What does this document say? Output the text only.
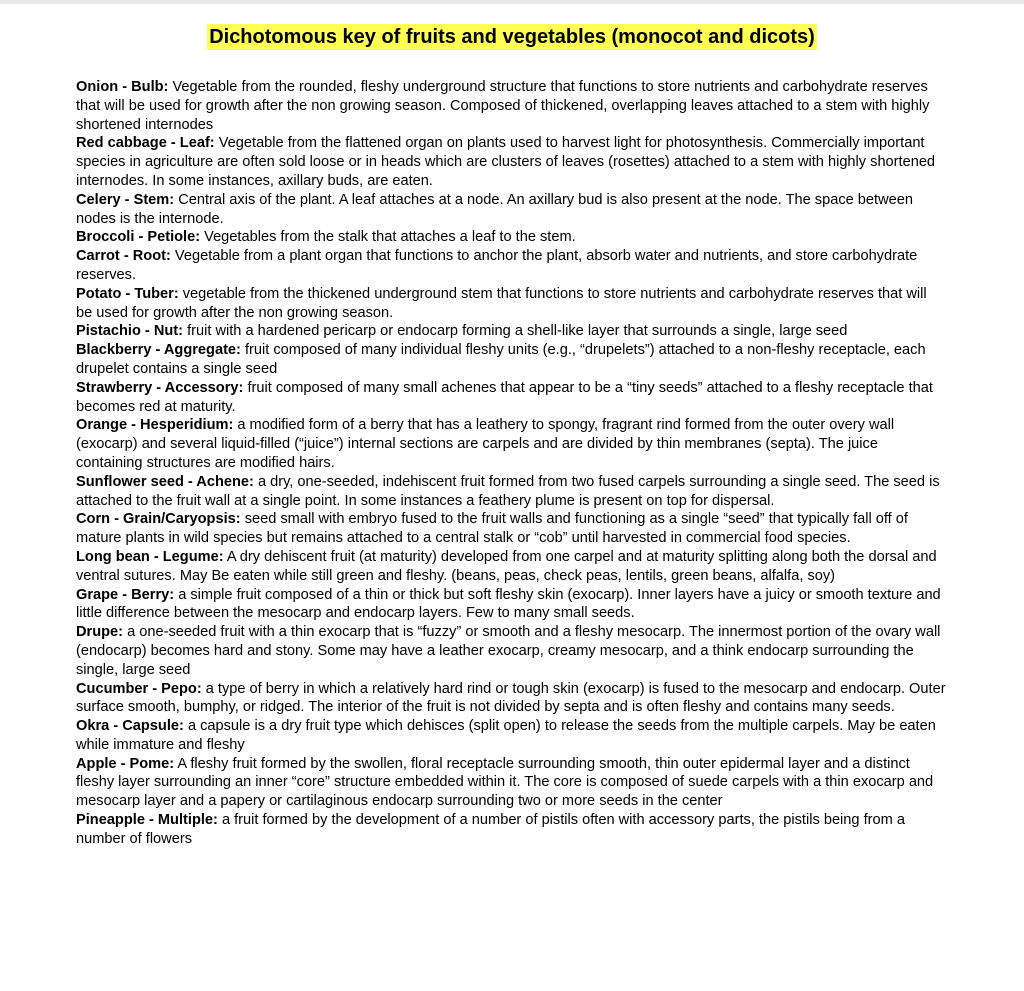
Dichotomous key of fruits and vegetables (monocot and dicots)

Onion - Bulb: Vegetable from the rounded, fleshy underground structure that functions to store nutrients and carbohydrate reserves that will be used for growth after the non growing season. Composed of thickened, overlapping leaves attached to a stem with highly shortened internodes

Red cabbage - Leaf: Vegetable from the flattened organ on plants used to harvest light for photosynthesis. Commercially important species in agriculture are often sold loose or in heads which are clusters of leaves (rosettes) attached to a stem with highly shortened internodes. In some instances, axillary buds, are eaten.

Celery - Stem: Central axis of the plant. A leaf attaches at a node. An axillary bud is also present at the node. The space between nodes is the internode.

Broccoli - Petiole: Vegetables from the stalk that attaches a leaf to the stem.

Carrot - Root: Vegetable from a plant organ that functions to anchor the plant, absorb water and nutrients, and store carbohydrate reserves.

Potato - Tuber: vegetable from the thickened underground stem that functions to store nutrients and carbohydrate reserves that will be used for growth after the non growing season.

Pistachio - Nut: fruit with a hardened pericarp or endocarp forming a shell-like layer that surrounds a single, large seed

Blackberry - Aggregate: fruit composed of many individual fleshy units (e.g., “drupelets”) attached to a non-fleshy receptacle, each drupelet contains a single seed

Strawberry - Accessory: fruit composed of many small achenes that appear to be a “tiny seeds” attached to a fleshy receptacle that becomes red at maturity.

Orange - Hesperidium: a modified form of a berry that has a leathery to spongy, fragrant rind formed from the outer overy wall (exocarp) and several liquid-filled (“juice”) internal sections are carpels and are divided by thin membranes (septa). The juice containing structures are modified hairs.

Sunflower seed - Achene: a dry, one-seeded, indehiscent fruit formed from two fused carpels surrounding a single seed. The seed is attached to the fruit wall at a single point. In some instances a feathery plume is present on top for dispersal.

Corn - Grain/Caryopsis: seed small with embryo fused to the fruit walls and functioning as a single “seed” that typically fall off of mature plants in wild species but remains attached to a central stalk or “cob” until harvested in commercial food species.

Long bean - Legume: A dry dehiscent fruit (at maturity) developed from one carpel and at maturity splitting along both the dorsal and ventral sutures. May Be eaten while still green and fleshy. (beans, peas, check peas, lentils, green beans, alfalfa, soy)

Grape - Berry: a simple fruit composed of a thin or thick but soft fleshy skin (exocarp). Inner layers have a juicy or smooth texture and little difference between the mesocarp and endocarp layers. Few to many small seeds.

Drupe: a one-seeded fruit with a thin exocarp that is “fuzzy” or smooth and a fleshy mesocarp. The innermost portion of the ovary wall (endocarp) becomes hard and stony. Some may have a leather exocarp, creamy mesocarp, and a think endocarp surrounding the single, large seed

Cucumber - Pepo: a type of berry in which a relatively hard rind or tough skin (exocarp) is fused to the mesocarp and endocarp. Outer surface smooth, bumphy, or ridged. The interior of the fruit is not divided by septa and is often fleshy and contains many seeds.

Okra - Capsule: a capsule is a dry fruit type which dehisces (split open) to release the seeds from the multiple carpels. May be eaten while immature and fleshy

Apple - Pome: A fleshy fruit formed by the swollen, floral receptacle surrounding smooth, thin outer epidermal layer and a distinct fleshy layer surrounding an inner “core” structure embedded within it. The core is composed of suede carpels with a thin exocarp and mesocarp layer and a papery or cartilaginous endocarp surrounding two or more seeds in the center

Pineapple - Multiple: a fruit formed by the development of a number of pistils often with accessory parts, the pistils being from a number of flowers
